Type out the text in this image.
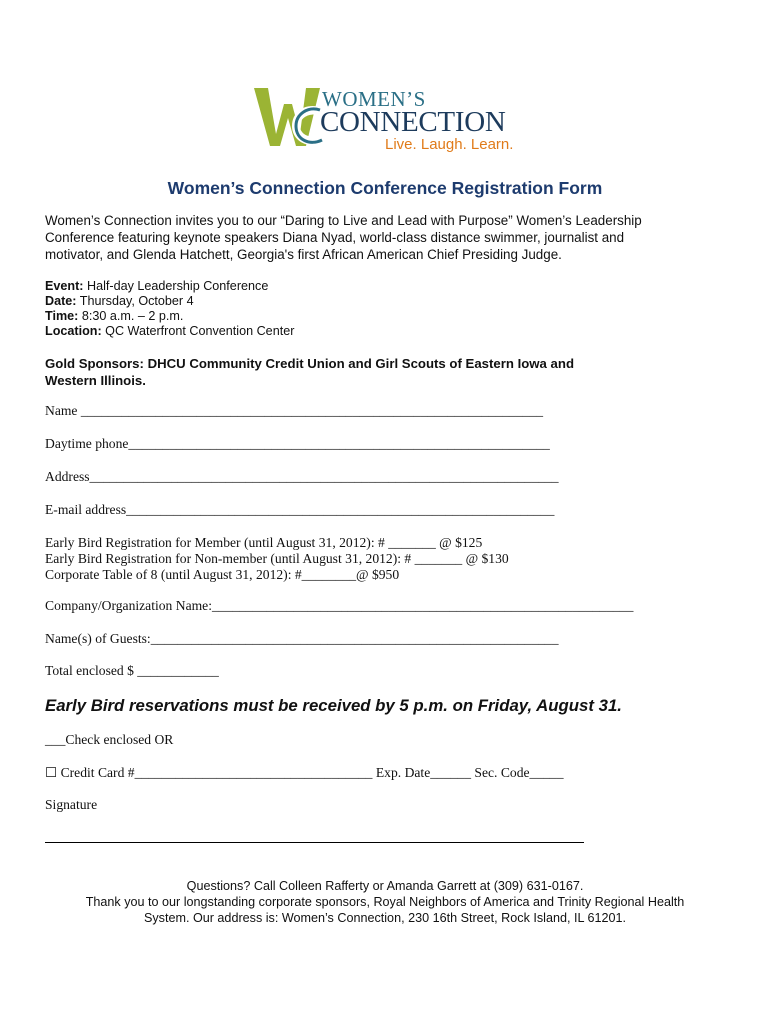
WOMEN’S
CONNECTION
Live. Laugh. Learn.
Women’s Connection Conference Registration Form
Women’s Connection invites you to our “Daring to Live and Lead with Purpose” Women’s Leadership
Conference featuring keynote speakers Diana Nyad, world-class distance swimmer, journalist and
motivator, and Glenda Hatchett, Georgia's first African American Chief Presiding Judge.
Event: Half-day Leadership Conference
Date: Thursday, October 4
Time: 8:30 a.m. – 2 p.m.
Location: QC Waterfront Convention Center
Gold Sponsors: DHCU Community Credit Union and Girl Scouts of Eastern Iowa and
Western Illinois.
Name ____________________________________________________________________
Daytime phone______________________________________________________________
Address_____________________________________________________________________
E-mail address_______________________________________________________________
Early Bird Registration for Member (until August 31, 2012): # _______ @ $125
Early Bird Registration for Non-member (until August 31, 2012): # _______ @ $130
Corporate Table of 8 (until August 31, 2012): #________@ $950
Company/Organization Name:______________________________________________________________
Name(s) of Guests:____________________________________________________________
Total enclosed $ ____________
Early Bird reservations must be received by 5 p.m. on Friday, August 31.
___Check enclosed OR
☐ Credit Card #___________________________________ Exp. Date______ Sec. Code_____
Signature
Questions? Call Colleen Rafferty or Amanda Garrett at (309) 631-0167.
Thank you to our longstanding corporate sponsors, Royal Neighbors of America and Trinity Regional Health
System. Our address is: Women’s Connection, 230 16th Street, Rock Island, IL 61201.
